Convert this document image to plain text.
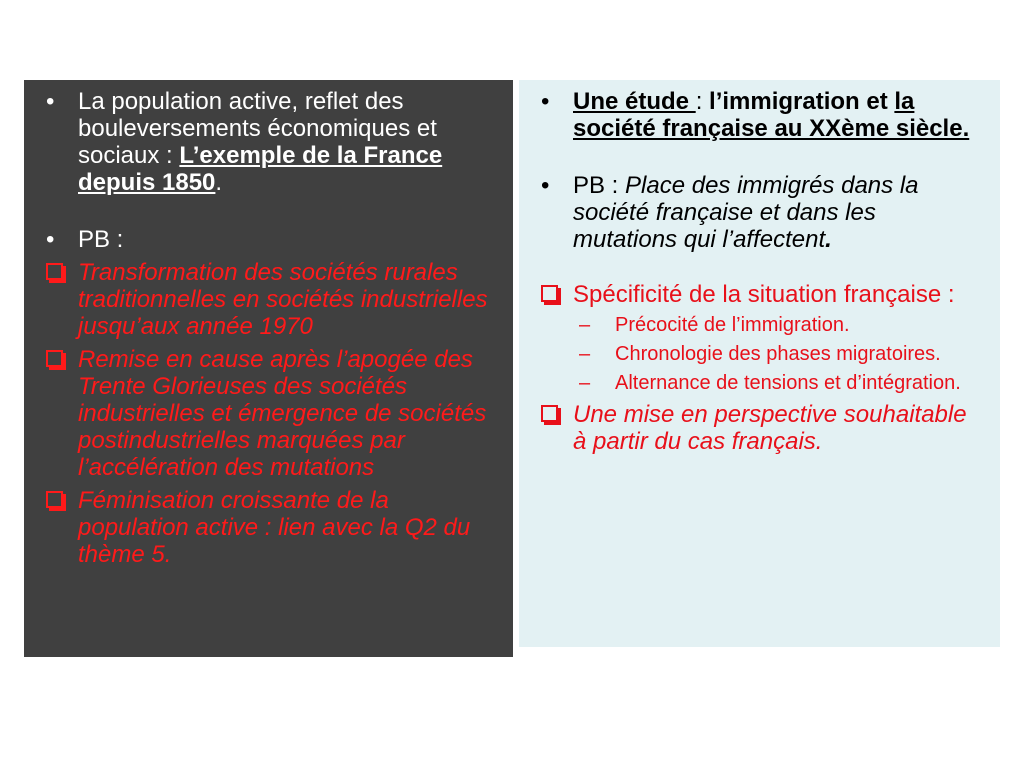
• La population active, reflet des bouleversements économiques et sociaux : L’exemple de la France depuis 1850.
• PB :
Transformation des sociétés rurales traditionnelles en sociétés industrielles jusqu’aux année 1970
Remise en cause après l’apogée des Trente Glorieuses des sociétés industrielles et émergence de sociétés postindustrielles marquées par l’accélération des mutations
Féminisation croissante de la population active : lien avec la Q2 du thème 5.
• Une étude : l’immigration et la société française au XXème siècle.
• PB : Place des immigrés dans la société française et dans les mutations qui l’affectent.
Spécificité de la situation française :
– Précocité de l’immigration.
– Chronologie des phases migratoires.
– Alternance de tensions et d’intégration.
Une mise en perspective souhaitable à partir du cas français.
